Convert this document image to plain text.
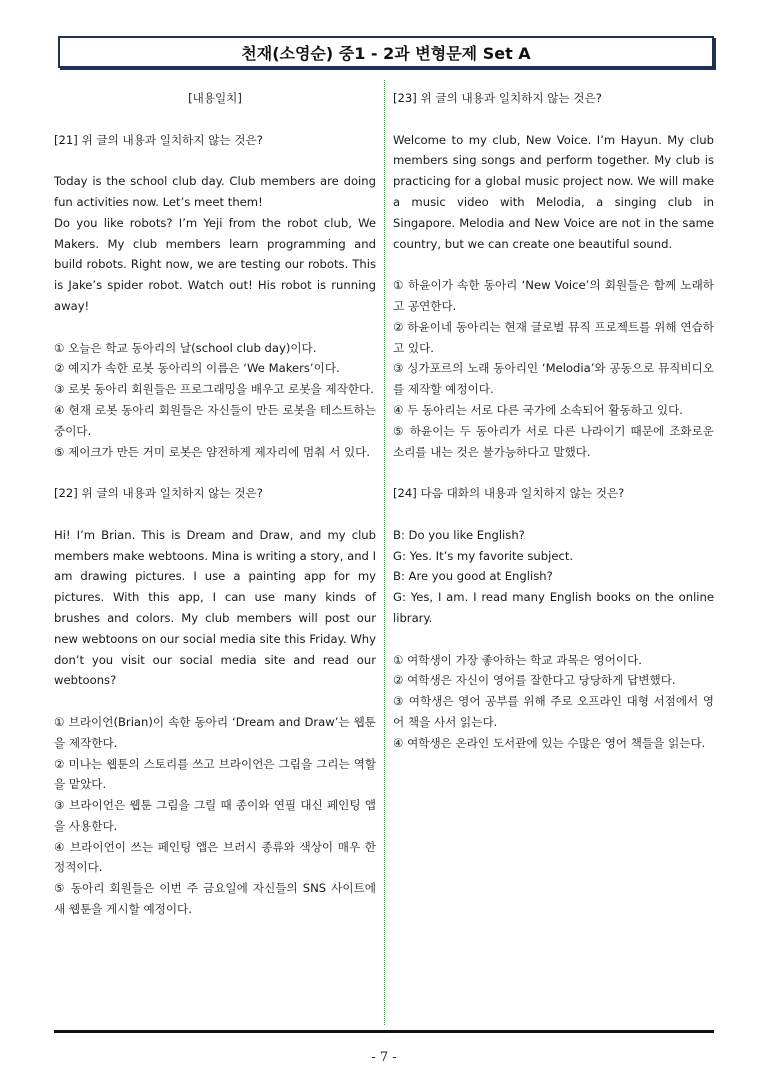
천재(소영순) 중1 - 2과 변형문제 Set A
[내용일치]
[21] 위 글의 내용과 일치하지 않는 것은?
Today is the school club day. Club members are doing fun activities now. Let’s meet them!
Do you like robots? I’m Yeji from the robot club, We Makers. My club members learn programming and build robots. Right now, we are testing our robots. This is Jake’s spider robot. Watch out! His robot is running away!
① 오늘은 학교 동아리의 날(school club day)이다.
② 예지가 속한 로봇 동아리의 이름은 ‘We Makers’이다.
③ 로봇 동아리 회원들은 프로그래밍을 배우고 로봇을 제작한다.
④ 현재 로봇 동아리 회원들은 자신들이 만든 로봇을 테스트하는 중이다.
⑤ 제이크가 만든 거미 로봇은 얌전하게 제자리에 멈춰 서 있다.
[22] 위 글의 내용과 일치하지 않는 것은?
Hi! I’m Brian. This is Dream and Draw, and my club members make webtoons. Mina is writing a story, and I am drawing pictures. I use a painting app for my pictures. With this app, I can use many kinds of brushes and colors. My club members will post our new webtoons on our social media site this Friday. Why don’t you visit our social media site and read our webtoons?
① 브라이언(Brian)이 속한 동아리 ‘Dream and Draw’는 웹툰을 제작한다.
② 미나는 웹툰의 스토리를 쓰고 브라이언은 그림을 그리는 역할을 맡았다.
③ 브라이언은 웹툰 그림을 그릴 때 종이와 연필 대신 페인팅 앱을 사용한다.
④ 브라이언이 쓰는 페인팅 앱은 브러시 종류와 색상이 매우 한정적이다.
⑤ 동아리 회원들은 이번 주 금요일에 자신들의 SNS 사이트에 새 웹툰을 게시할 예정이다.
[23] 위 글의 내용과 일치하지 않는 것은?
Welcome to my club, New Voice. I’m Hayun. My club members sing songs and perform together. My club is practicing for a global music project now. We will make a music video with Melodia, a singing club in Singapore. Melodia and New Voice are not in the same country, but we can create one beautiful sound.
① 하윤이가 속한 동아리 ‘New Voice’의 회원들은 함께 노래하고 공연한다.
② 하윤이네 동아리는 현재 글로벌 뮤직 프로젝트를 위해 연습하고 있다.
③ 싱가포르의 노래 동아리인 ‘Melodia’와 공동으로 뮤직비디오를 제작할 예정이다.
④ 두 동아리는 서로 다른 국가에 소속되어 활동하고 있다.
⑤ 하윤이는 두 동아리가 서로 다른 나라이기 때문에 조화로운 소리를 내는 것은 불가능하다고 말했다.
[24] 다음 대화의 내용과 일치하지 않는 것은?
B: Do you like English?
G: Yes. It’s my favorite subject.
B: Are you good at English?
G: Yes, I am. I read many English books on the online library.
① 여학생이 가장 좋아하는 학교 과목은 영어이다.
② 여학생은 자신이 영어를 잘한다고 당당하게 답변했다.
③ 여학생은 영어 공부를 위해 주로 오프라인 대형 서점에서 영어 책을 사서 읽는다.
④ 여학생은 온라인 도서관에 있는 수많은 영어 책들을 읽는다.
- 7 -
